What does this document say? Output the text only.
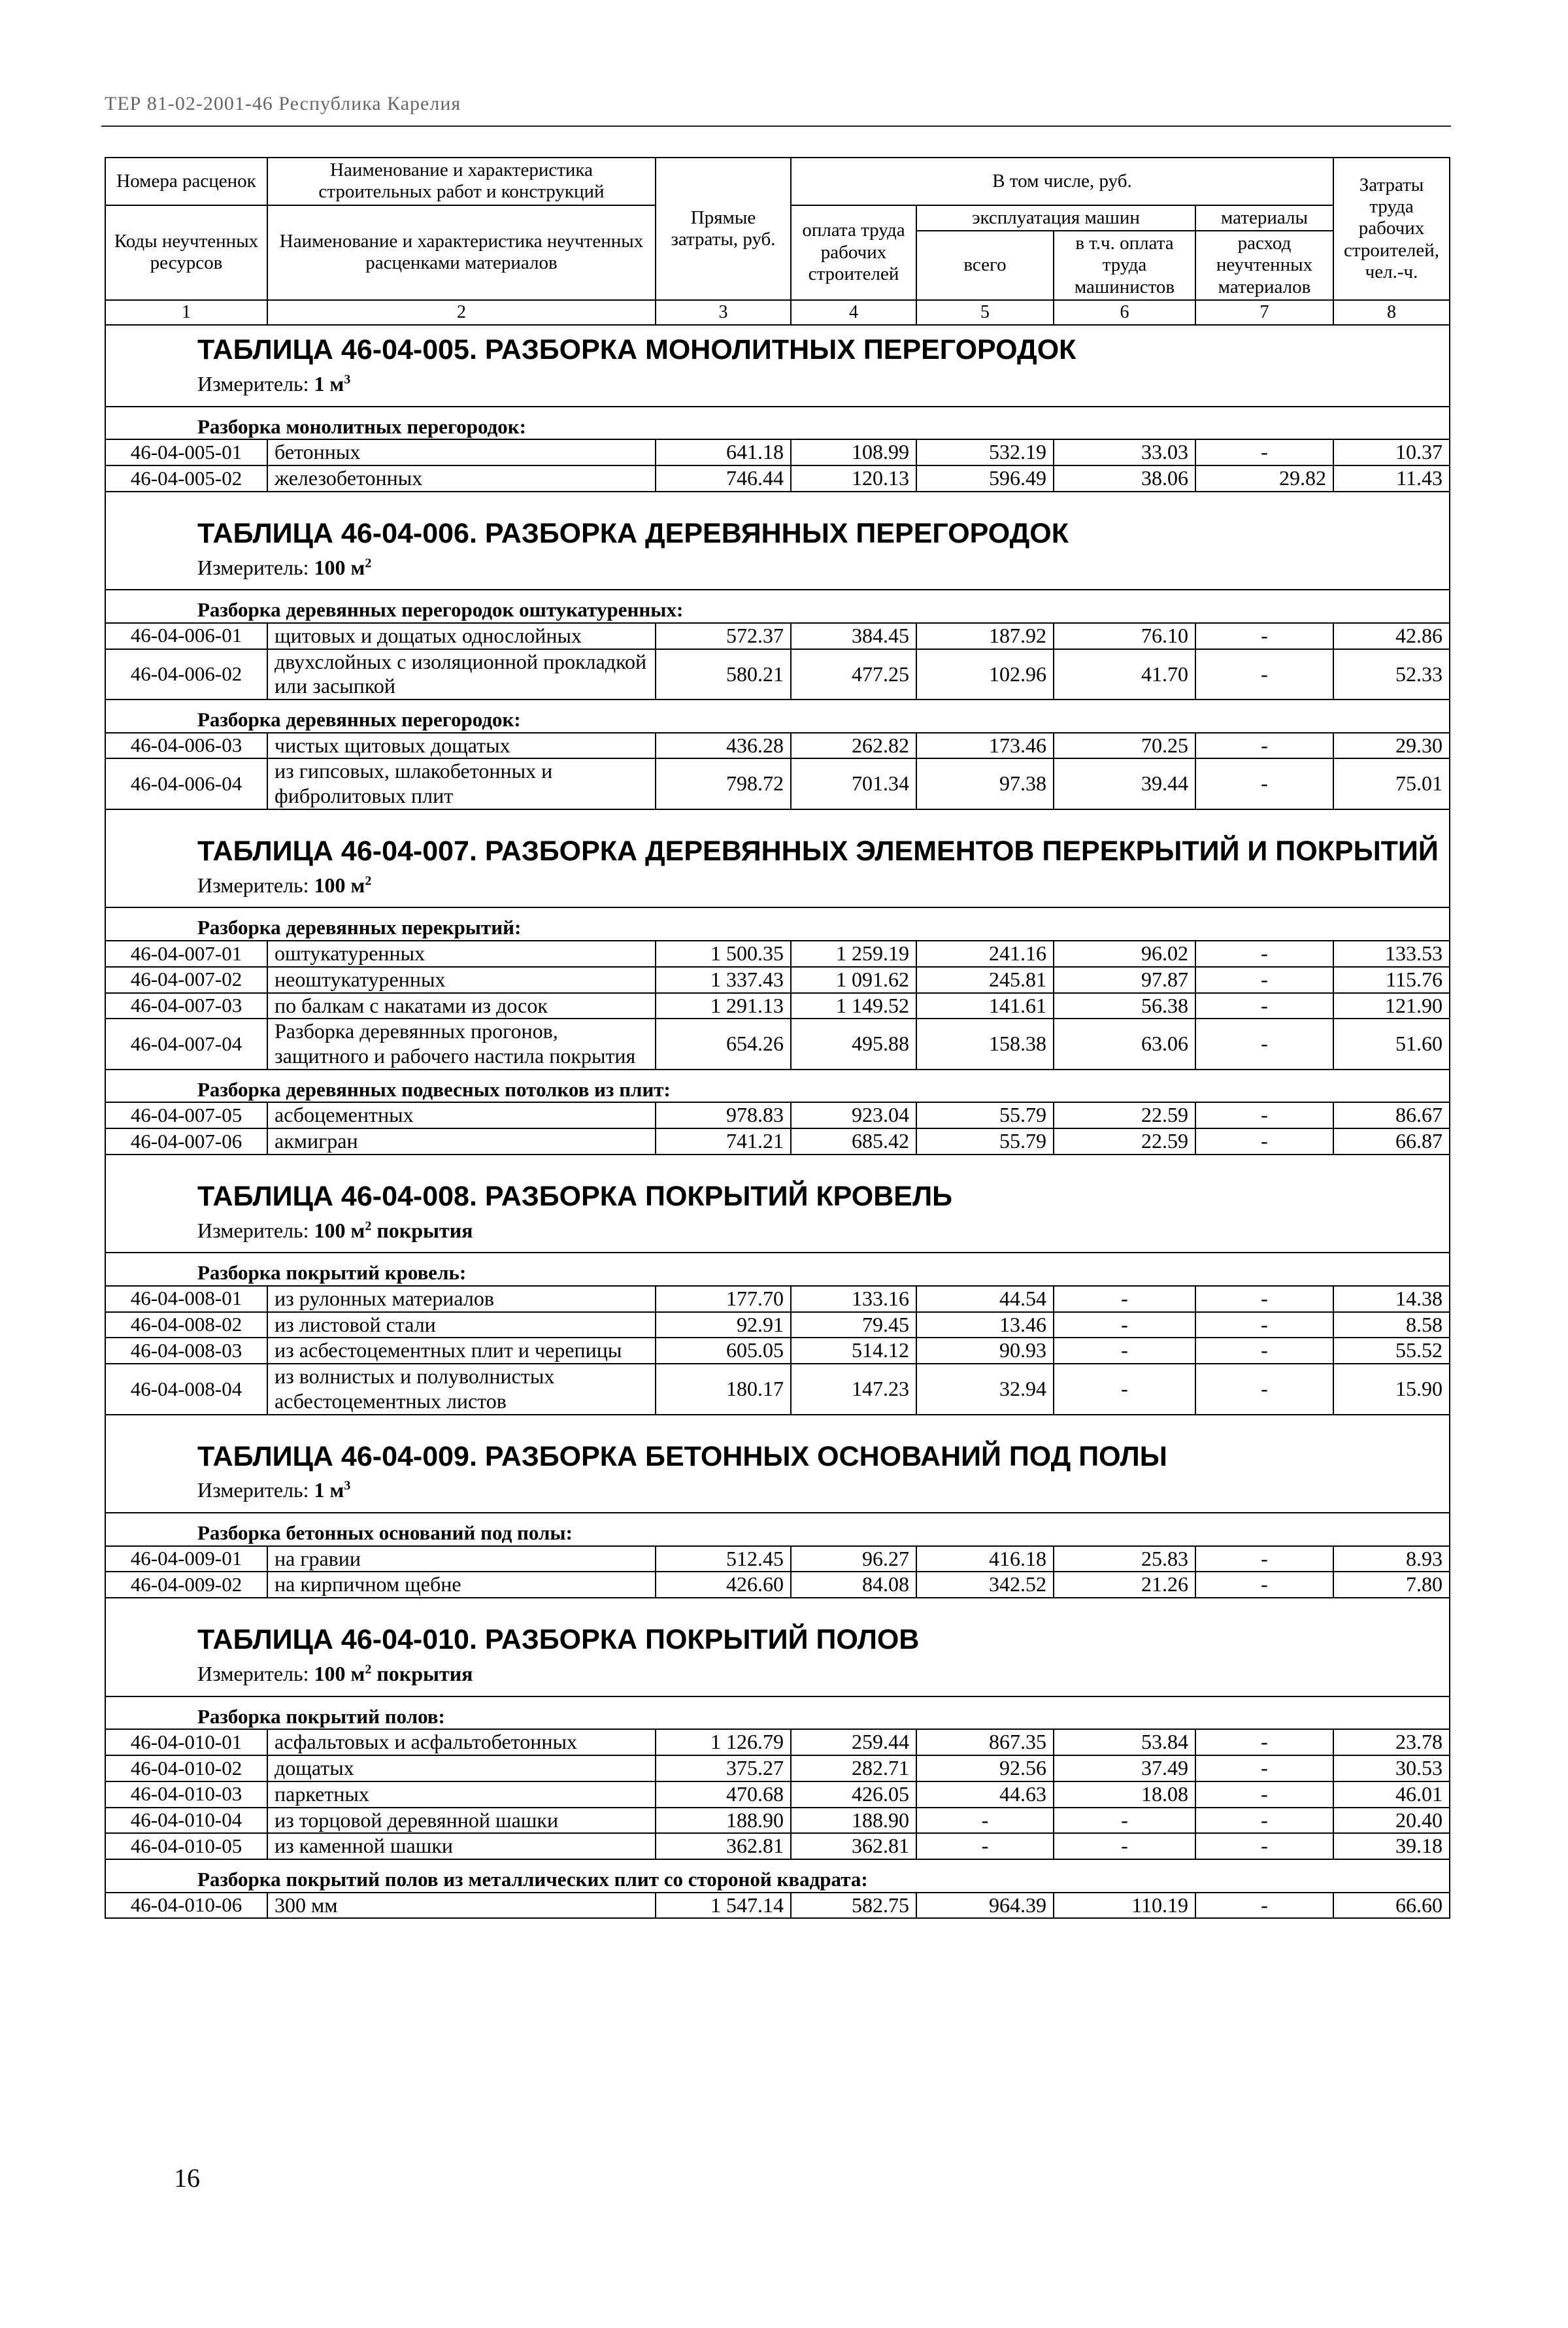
ТЕР 81-02-2001-46 Республика Карелия
Номера расценок	Наименование и характеристика строительных работ и конструкций	Прямые затраты, руб.	В том числе, руб.				Затраты труда рабочих строителей, чел.-ч.
Коды неучтенных ресурсов	Наименование и характеристика неучтенных расценками материалов		оплата труда рабочих строителей	эксплуатация машин		материалы	
				всего	в т.ч. оплата труда машинистов	расход неучтенных материалов	
1	2	3	4	5	6	7	8

ТАБЛИЦА 46-04-005. РАЗБОРКА МОНОЛИТНЫХ ПЕРЕГОРОДОК
Измеритель: 1 $м^3$

Разборка монолитных перегородок:							
46-04-005-01	бетонных	641.18	108.99	532.19	33.03	-	10.37
46-04-005-02	железобетонных	746.44	120.13	596.49	38.06	29.82	11.43

ТАБЛИЦА 46-04-006. РАЗБОРКА ДЕРЕВЯННЫХ ПЕРЕГОРОДОК
Измеритель: 100 $м^2$

Разборка деревянных перегородок оштукатуренных:							
46-04-006-01	щитовых и дощатых однослойных	572.37	384.45	187.92	76.10	-	42.86
46-04-006-02	двухслойных с изоляционной прокладкой или засыпкой	580.21	477.25	102.96	41.70	-	52.33
Разборка деревянных перегородок:							
46-04-006-03	чистых щитовых дощатых	436.28	262.82	173.46	70.25	-	29.30
46-04-006-04	из гипсовых, шлакобетонных и фибролитовых плит	798.72	701.34	97.38	39.44	-	75.01

ТАБЛИЦА 46-04-007. РАЗБОРКА ДЕРЕВЯННЫХ ЭЛЕМЕНТОВ ПЕРЕКРЫТИЙ И ПОКРЫТИЙ
Измеритель: 100 $м^2$

Разборка деревянных перекрытий:							
46-04-007-01	оштукатуренных	1 500.35	1 259.19	241.16	96.02	-	133.53
46-04-007-02	неоштукатуренных	1 337.43	1 091.62	245.81	97.87	-	115.76
46-04-007-03	по балкам с накатами из досок	1 291.13	1 149.52	141.61	56.38	-	121.90
46-04-007-04	Разборка деревянных прогонов, защитного и рабочего настила покрытия	654.26	495.88	158.38	63.06	-	51.60
Разборка деревянных подвесных потолков из плит:							
46-04-007-05	асбоцементных	978.83	923.04	55.79	22.59	-	86.67
46-04-007-06	акмигран	741.21	685.42	55.79	22.59	-	66.87

ТАБЛИЦА 46-04-008. РАЗБОРКА ПОКРЫТИЙ КРОВЕЛЬ
Измеритель: 100 $м^2$ покрытия							

Разборка покрытий кровель:							
46-04-008-01	из рулонных материалов	177.70	133.16	44.54	-	-	14.38
46-04-008-02	из листовой стали	92.91	79.45	13.46	-	-	8.58
46-04-008-03	из асбестоцементных плит и черепицы	605.05	514.12	90.93	-	-	55.52
46-04-008-04	из волнистых и полуволнистых асбестоцементных листов	180.17	147.23	32.94	-	-	15.90

ТАБЛИЦА 46-04-009. РАЗБОРКА БЕТОННЫХ ОСНОВАНИЙ ПОД ПОЛЫ
Измеритель: 1 $м^3$

Разборка бетонных оснований под полы:							
46-04-009-01	на гравии	512.45	96.27	416.18	25.83	-	8.93
46-04-009-02	на кирпичном щебне	426.60	84.08	342.52	21.26	-	7.80

ТАБЛИЦА 46-04-010. РАЗБОРКА ПОКРЫТИЙ ПОЛОВ
Измеритель: 100 $м^2$ покрытия							

Разборка покрытий полов:							
46-04-010-01	асфальтовых и асфальтобетонных	1 126.79	259.44	867.35	53.84	-	23.78
46-04-010-02	дощатых	375.27	282.71	92.56	37.49	-	30.53
46-04-010-03	паркетных	470.68	426.05	44.63	18.08	-	46.01
46-04-010-04	из торцовой деревянной шашки	188.90	188.90	-	-	-	20.40
46-04-010-05	из каменной шашки	362.81	362.81	-	-	-	39.18
Разборка покрытий полов из металлических плит со стороной квадрата:							
46-04-010-06	300 мм	1 547.14	582.75	964.39	110.19	-	66.60
16
